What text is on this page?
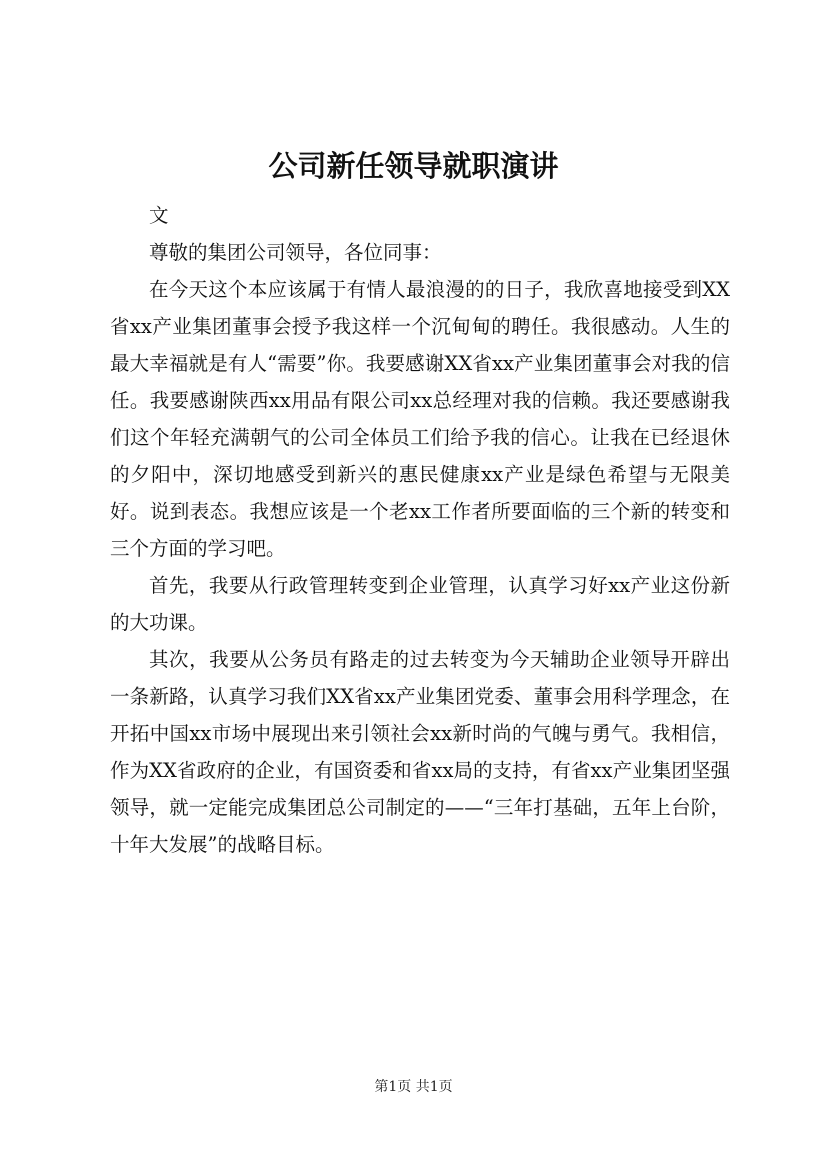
公司新任领导就职演讲

文

尊敬的集团公司领导，各位同事：

在今天这个本应该属于有情人最浪漫的的日子，我欣喜地接受到XX省xx产业集团董事会授予我这样一个沉甸甸的聘任。我很感动。人生的最大幸福就是有人“需要”你。我要感谢XX省xx产业集团董事会对我的信任。我要感谢陕西xx用品有限公司xx总经理对我的信赖。我还要感谢我们这个年轻充满朝气的公司全体员工们给予我的信心。让我在已经退休的夕阳中，深切地感受到新兴的惠民健康xx产业是绿色希望与无限美好。说到表态。我想应该是一个老xx工作者所要面临的三个新的转变和三个方面的学习吧。

首先，我要从行政管理转变到企业管理，认真学习好xx产业这份新的大功课。

其次，我要从公务员有路走的过去转变为今天辅助企业领导开辟出一条新路，认真学习我们XX省xx产业集团党委、董事会用科学理念，在开拓中国xx市场中展现出来引领社会xx新时尚的气魄与勇气。我相信，作为XX省政府的企业，有国资委和省xx局的支持，有省xx产业集团坚强领导，就一定能完成集团总公司制定的——“三年打基础，五年上台阶，十年大发展”的战略目标。

第1页 共1页
